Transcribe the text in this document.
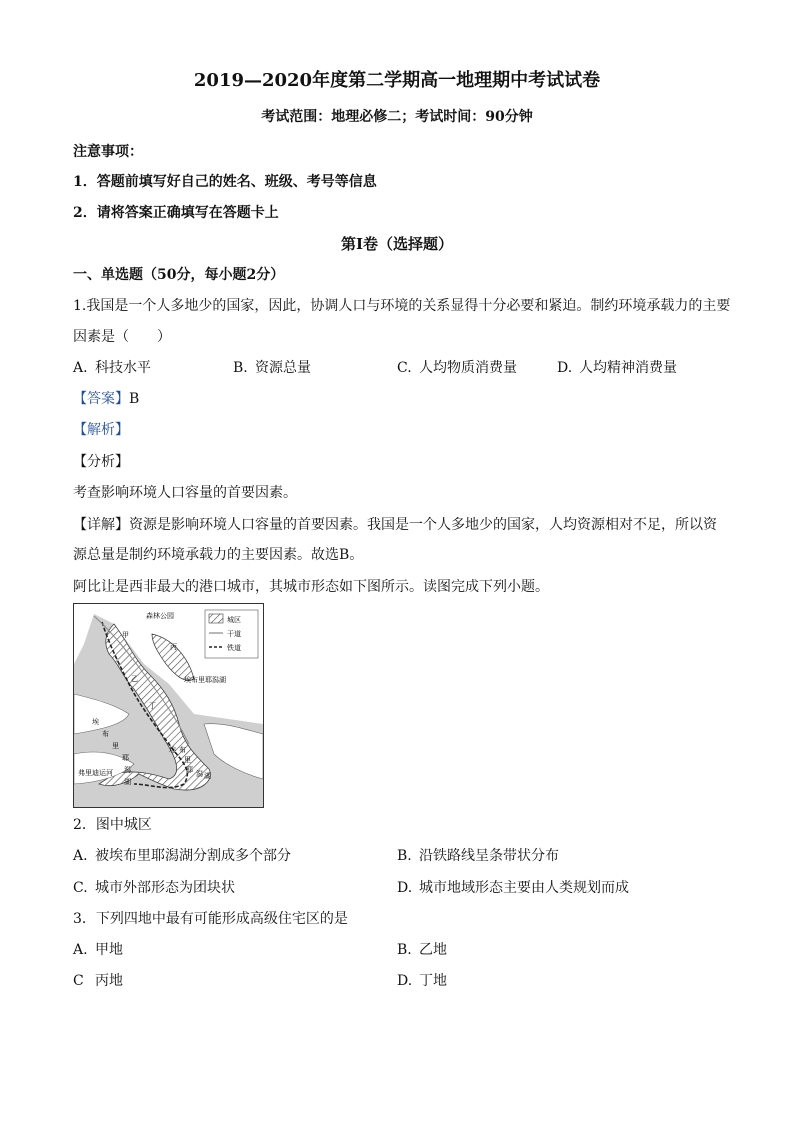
2019—2020年度第二学期高一地理期中考试试卷
考试范围：地理必修二；考试时间：90分钟
注意事项：
1．答题前填写好自己的姓名、班级、考号等信息
2．请将答案正确填写在答题卡上
第I卷（选择题）
一、单选题（50分，每小题2分）
1.我国是一个人多地少的国家，因此，协调人口与环境的关系显得十分必要和紧迫。制约环境承载力的主要
因素是（　　）
A. 科技水平	B. 资源总量	C. 人均物质消费量	D. 人均精神消费量
【答案】B
【解析】
【分析】
考查影响环境人口容量的首要因素。
【详解】资源是影响环境人口容量的首要因素。我国是一个人多地少的国家，人均资源相对不足，所以资
源总量是制约环境承载力的主要因素。故选B。
阿比让是西非最大的港口城市，其城市形态如下图所示。读图完成下列小题。
城区
干道
铁道
森林公园
甲
乙
丙
丁
埃布里耶潟湖
埃
布
里
耶
潟
湖
埃 布
里
耶 潟 湖
弗里迪运河
2．图中城区
A. 被埃布里耶潟湖分割成多个部分	B. 沿铁路线呈条带状分布
C. 城市外部形态为团块状	D. 城市地域形态主要由人类规划而成
3．下列四地中最有可能形成高级住宅区的是
A. 甲地	B. 乙地
C 丙地	D. 丁地
